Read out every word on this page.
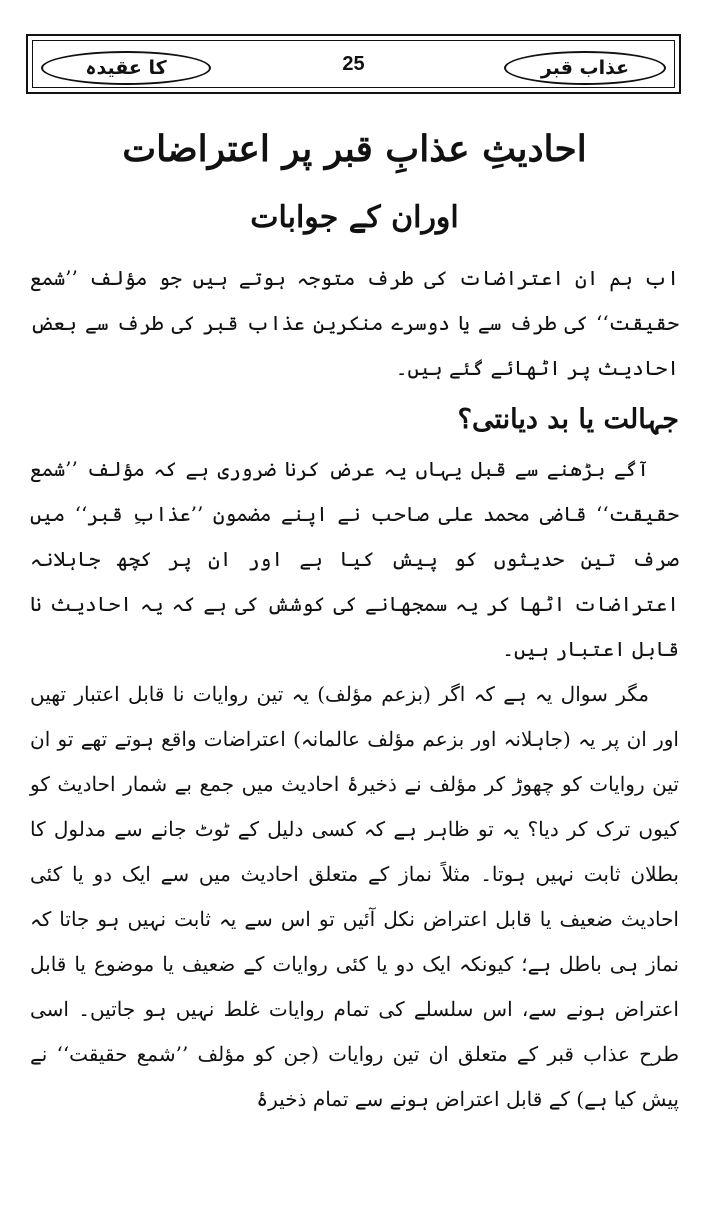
عذاب قبر
25
کا عقیدہ
احادیثِ عذابِ قبر پر اعتراضات
اوران کے جوابات

اب ہم ان اعتراضات کی طرف متوجہ ہوتے ہیں جو مؤلف ’’شمع حقیقت‘‘ کی طرف سے یا دوسرے منکرین عذاب قبر کی طرف سے بعض احادیث پر اٹھائے گئے ہیں۔

جہالت یا بد دیانتی؟

آگے بڑھنے سے قبل یہاں یہ عرض کرنا ضروری ہے کہ مؤلف ’’شمع حقیقت‘‘ قاضی محمد علی صاحب نے اپنے مضمون ’’عذابِ قبر‘‘ میں صرف تین حدیثوں کو پیش کیا ہے اور ان پر کچھ جاہلانہ اعتراضات اٹھا کر یہ سمجھانے کی کوشش کی ہے کہ یہ احادیث نا قابل اعتبار ہیں۔

مگر سوال یہ ہے کہ اگر (بزعم مؤلف) یہ تین روایات نا قابل اعتبار تھیں اور ان پر یہ (جاہلانہ اور بزعم مؤلف عالمانہ) اعتراضات واقع ہوتے تھے تو ان تین روایات کو چھوڑ کر مؤلف نے ذخیرۂ احادیث میں جمع بے شمار احادیث کو کیوں ترک کر دیا؟ یہ تو ظاہر ہے کہ کسی دلیل کے ٹوٹ جانے سے مدلول کا بطلان ثابت نہیں ہوتا۔ مثلاً نماز کے متعلق احادیث میں سے ایک دو یا کئی احادیث ضعیف یا قابل اعتراض نکل آئیں تو اس سے یہ ثابت نہیں ہو جاتا کہ نماز ہی باطل ہے؛ کیونکہ ایک دو یا کئی روایات کے ضعیف یا موضوع یا قابل اعتراض ہونے سے، اس سلسلے کی تمام روایات غلط نہیں ہو جاتیں۔ اسی طرح عذاب قبر کے متعلق ان تین روایات (جن کو مؤلف ’’شمع حقیقت‘‘ نے پیش کیا ہے) کے قابل اعتراض ہونے سے تمام ذخیرۂ
